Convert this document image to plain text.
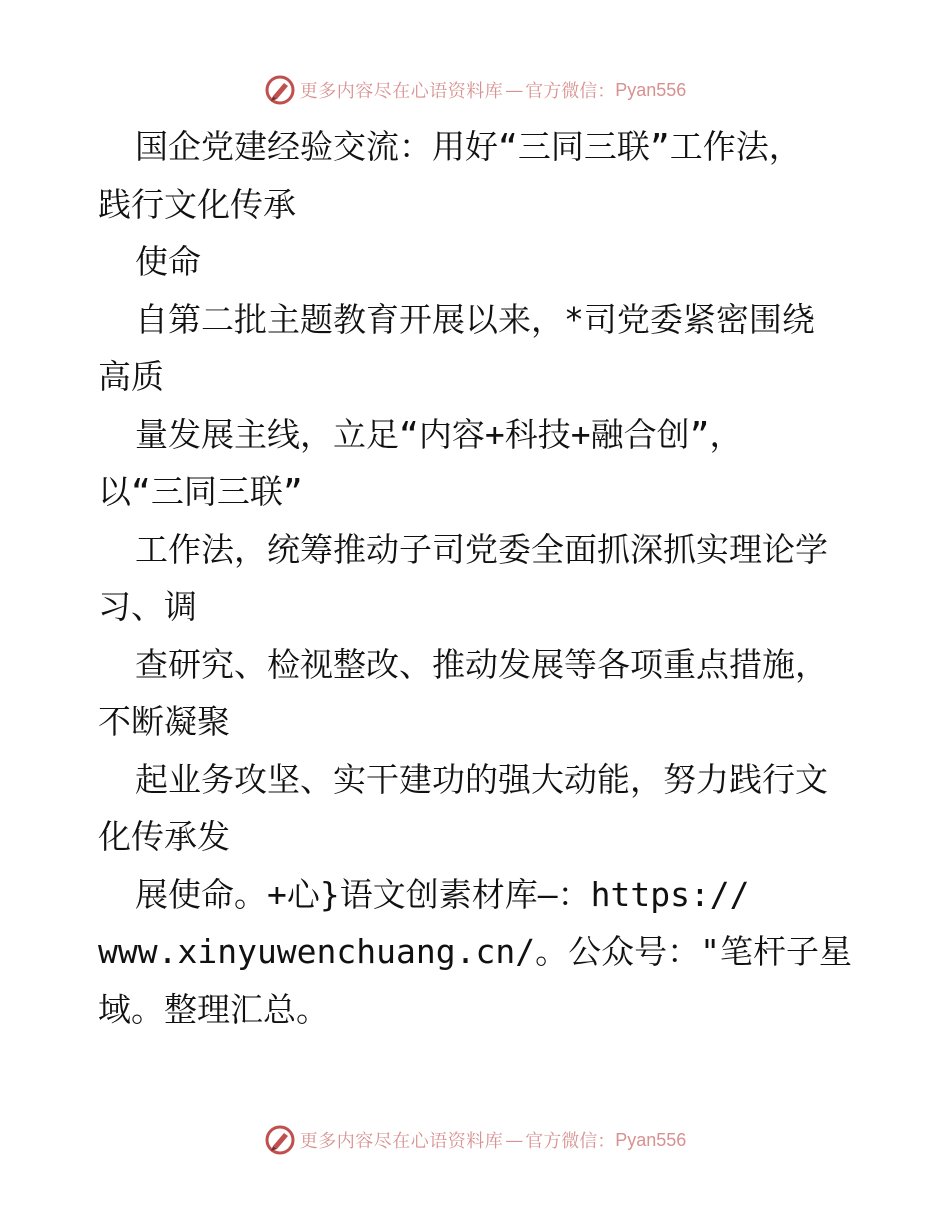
更多内容尽在心语资料库 — 官方微信： Pyan556
国企党建经验交流：用好“三同三联”工作法，
践行文化传承
使命
自第二批主题教育开展以来，*司党委紧密围绕
高质
量发展主线，立足“内容+科技+融合创”，
以“三同三联”
工作法，统筹推动子司党委全面抓深抓实理论学
习、调
查研究、检视整改、推动发展等各项重点措施，
不断凝聚
起业务攻坚、实干建功的强大动能，努力践行文
化传承发
展使命。+心}语文创素材库—：https://
www.xinyuwenchuang.cn/。公众号："笔杆子星
域。整理汇总。
更多内容尽在心语资料库 — 官方微信： Pyan556
